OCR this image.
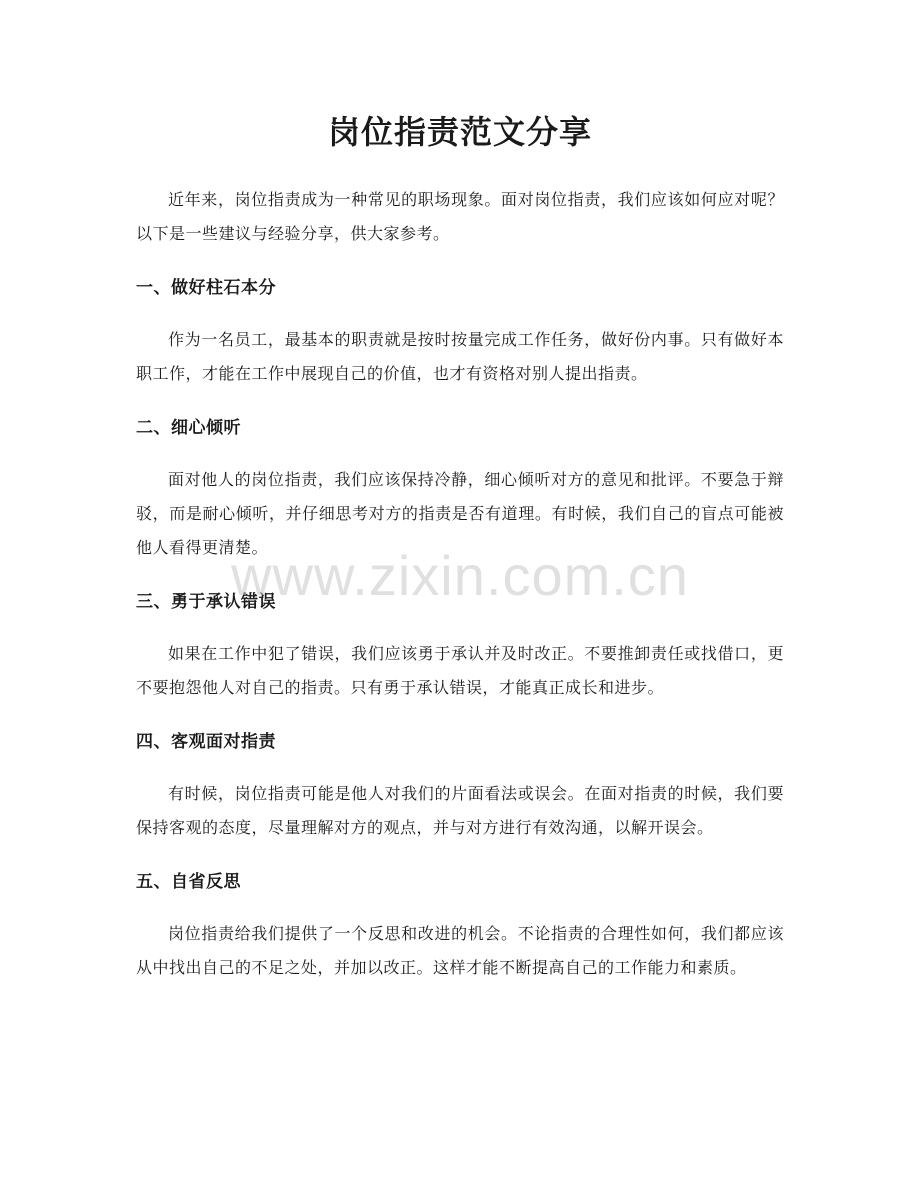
岗位指责范文分享

近年来，岗位指责成为一种常见的职场现象。面对岗位指责，我们应该如何应对呢？以下是一些建议与经验分享，供大家参考。

一、做好柱石本分

作为一名员工，最基本的职责就是按时按量完成工作任务，做好份内事。只有做好本职工作，才能在工作中展现自己的价值，也才有资格对别人提出指责。

二、细心倾听

面对他人的岗位指责，我们应该保持冷静，细心倾听对方的意见和批评。不要急于辩驳，而是耐心倾听，并仔细思考对方的指责是否有道理。有时候，我们自己的盲点可能被他人看得更清楚。

三、勇于承认错误

如果在工作中犯了错误，我们应该勇于承认并及时改正。不要推卸责任或找借口，更不要抱怨他人对自己的指责。只有勇于承认错误，才能真正成长和进步。

四、客观面对指责

有时候，岗位指责可能是他人对我们的片面看法或误会。在面对指责的时候，我们要保持客观的态度，尽量理解对方的观点，并与对方进行有效沟通，以解开误会。

五、自省反思

岗位指责给我们提供了一个反思和改进的机会。不论指责的合理性如何，我们都应该从中找出自己的不足之处，并加以改正。这样才能不断提高自己的工作能力和素质。

www.zixin.com.cn
